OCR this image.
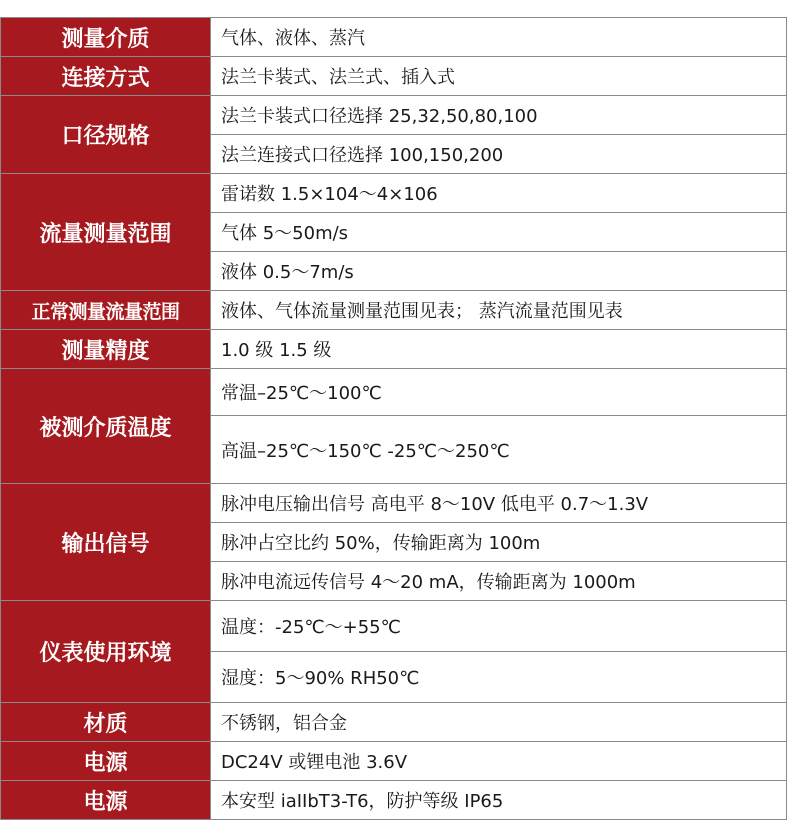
测量介质	气体、液体、蒸汽
连接方式	法兰卡装式、法兰式、插入式
口径规格	法兰卡装式口径选择 25,32,50,80,100
	法兰连接式口径选择 100,150,200
流量测量范围	雷诺数 1.5×104～4×106
	气体 5～50m/s
	液体 0.5～7m/s
正常测量流量范围	液体、气体流量测量范围见表； 蒸汽流量范围见表
测量精度	1.0 级 1.5 级
被测介质温度	常温–25℃～100℃
	高温–25℃～150℃ -25℃～250℃
输出信号	脉冲电压输出信号 高电平 8～10V 低电平 0.7～1.3V
	脉冲占空比约 50%，传输距离为 100m
	脉冲电流远传信号 4～20 mA，传输距离为 1000m
仪表使用环境	温度：-25℃～+55℃
	湿度：5～90% RH50℃
材质	不锈钢，铝合金
电源	DC24V 或锂电池 3.6V
电源	本安型 iaIIbT3-T6，防护等级 IP65
